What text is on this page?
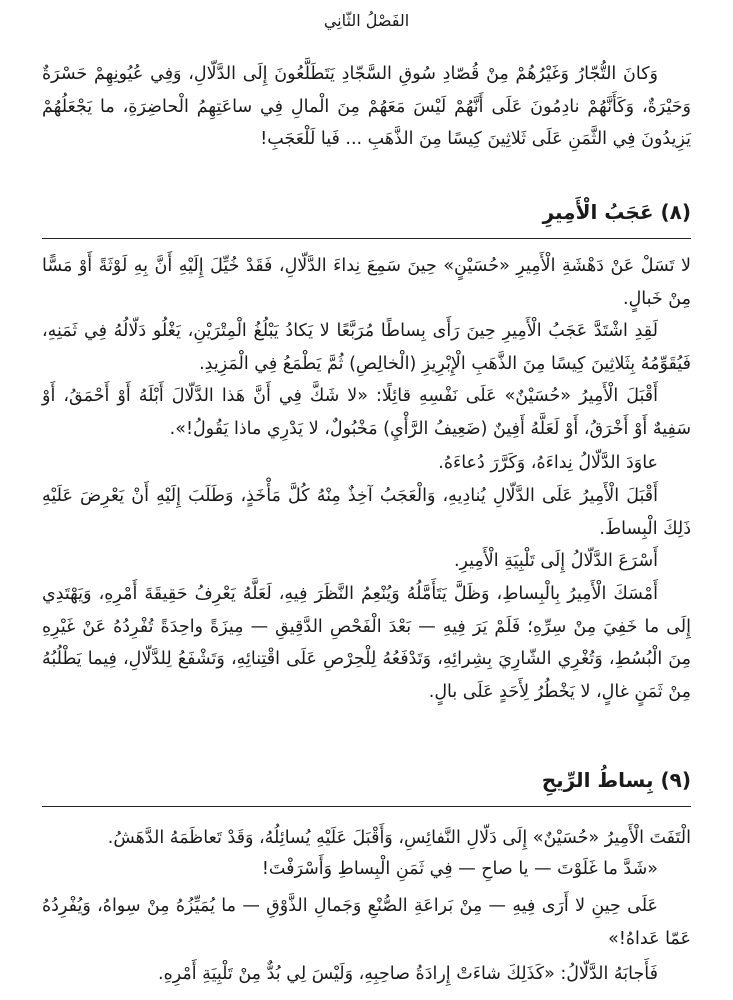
الفَصْلُ الثّانِي

وَكانَ التُّجّارُ وَغَيْرُهُمْ مِنْ قُصّادِ سُوقِ السَّجّادِ يَتَطَلَّعُونَ إِلَى الدَّلّالِ، وَفِي عُيُونِهِمْ حَسْرَةٌ وَحَيْرَةٌ، وَكَأَنَّهُمْ نادِمُونَ عَلَى أَنَّهُمْ لَيْسَ مَعَهُمْ مِنَ الْمالِ فِي ساعَتِهِمُ الْحاضِرَةِ، ما يَجْعَلُهُمْ يَزِيدُونَ فِي الثَّمَنِ عَلَى ثَلاثِينَ كِيسًا مِنَ الذَّهَبِ ... فَيا لَلْعَجَبِ!

(٨) عَجَبُ الْأَمِيرِ

لا تَسَلْ عَنْ دَهْشَةِ الْأَمِيرِ «حُسَيْنٍ» حِينَ سَمِعَ نِداءَ الدَّلّالِ، فَقَدْ خُيِّلَ إِلَيْهِ أَنَّ بِهِ لَوْثَةً أَوْ مَسًّا مِنْ خَبالٍ.

لَقِدِ اشْتَدَّ عَجَبُ الْأَمِيرِ حِينَ رَأَى بِساطًا مُرَبَّعًا لا يَكادُ يَبْلُغُ الْمِتْرَيْنِ، يَغْلُو دَلّالُهُ فِي ثَمَنِهِ، فَيُقَوِّمُهُ بِثَلاثِينَ كِيسًا مِنَ الذَّهَبِ الْإِبْرِيزِ (الْخالِصِ) ثُمَّ يَطْمَعُ فِي الْمَزِيدِ.

أَقْبَلَ الْأَمِيرُ «حُسَيْنٌ» عَلَى نَفْسِهِ قائِلًا: «لا شَكَّ فِي أَنَّ هَذا الدَّلّالَ أَبْلَهُ أَوْ أَحْمَقُ، أَوْ سَفِيهٌ أَوْ أَخْرَقُ، أَوْ لَعَلَّهُ أَفِينٌ (ضَعِيفُ الرَّأْيِ) مَخْبُولٌ، لا يَدْرِي ماذا يَقُولُ!».

عاوَدَ الدَّلّالُ نِداءَهُ، وَكَرَّرَ دُعاءَهُ.

أَقْبَلَ الْأَمِيرُ عَلَى الدَّلّالِ يُنادِيهِ، وَالْعَجَبُ آخِذٌ مِنْهُ كُلَّ مَأْخَذٍ، وَطَلَبَ إِلَيْهِ أَنْ يَعْرِضَ عَلَيْهِ ذَلِكَ الْبِساطَ.

أَسْرَعَ الدَّلّالُ إِلَى تَلْبِيَةِ الْأَمِيرِ.

أَمْسَكَ الْأَمِيرُ بِالْبِساطِ، وَظَلَّ يَتَأَمَّلُهُ وَيُنْعِمُ النَّظَرَ فِيهِ، لَعَلَّهُ يَعْرِفُ حَقِيقَةَ أَمْرِهِ، وَيَهْتَدِي إِلَى ما خَفِيَ مِنْ سِرِّهِ؛ فَلَمْ يَرَ فِيهِ — بَعْدَ الْفَحْصِ الدَّقِيقِ — مِيزَةً واحِدَةً تُفْرِدُهُ عَنْ غَيْرِهِ مِنَ الْبُسُطِ، وَتُغْرِي الشّارِيَ بِشِرائِهِ، وَتَدْفَعُهُ لِلْحِرْصِ عَلَى اقْتِنائِهِ، وَتَشْفَعُ لِلدَّلّالِ، فِيما يَطْلُبُهُ مِنْ ثَمَنٍ غالٍ، لا يَخْطُرُ لِأَحَدٍ عَلَى بالٍ.

(٩) بِساطُ الرِّيحِ

الْتَفَتَ الْأَمِيرُ «حُسَيْنٌ» إِلَى دَلّالِ النَّفائِسِ، وَأَقْبَلَ عَلَيْهِ يُسائِلُهُ، وَقَدْ تَعاظَمَهُ الدَّهَشُ.

«شَدَّ ما غَلَوْتَ — يا صاحِ — فِي ثَمَنِ الْبِساطِ وَأَسْرَفْتَ!

عَلَى حِينِ لا أَرَى فِيهِ — مِنْ بَراعَةِ الصُّنْعِ وَجَمالِ الذَّوْقِ — ما يُمَيِّزُهُ مِنْ سِواهُ، وَيُفْرِدُهُ عَمّا عَداهُ!»

فَأَجابَهُ الدَّلّالُ: «كَذَلِكَ شاءَتْ إِرادَةُ صاحِبِهِ، وَلَيْسَ لِي بُدٌّ مِنْ تَلْبِيَةِ أَمْرِهِ.
